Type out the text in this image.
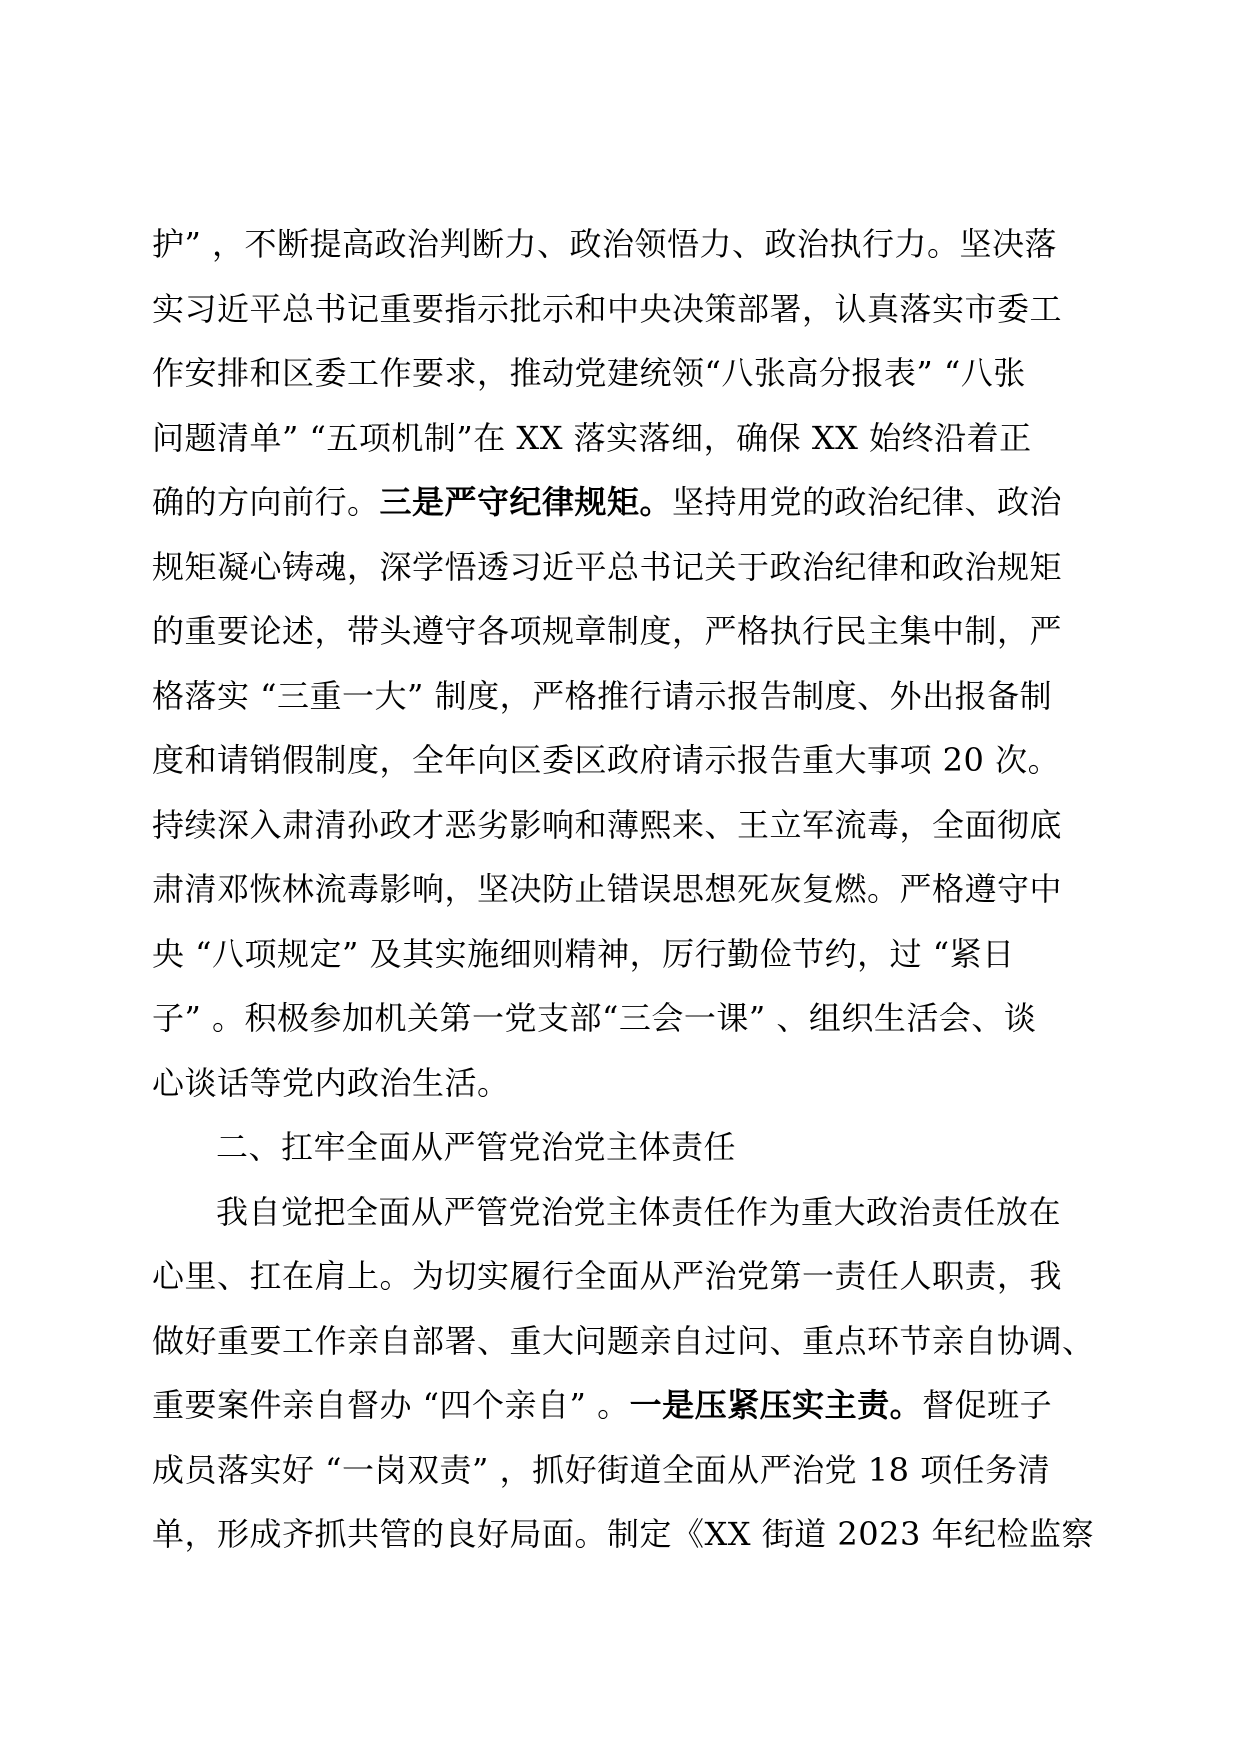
护” ，不断提高政治判断力、政治领悟力、政治执行力。坚决落
实习近平总书记重要指示批示和中央决策部署，认真落实市委工
作安排和区委工作要求，推动党建统领“八张高分报表” “八张
问题清单” “五项机制”在 XX 落实落细，确保 XX 始终沿着正
确的方向前行。三是严守纪律规矩。坚持用党的政治纪律、政治
规矩凝心铸魂，深学悟透习近平总书记关于政治纪律和政治规矩
的重要论述，带头遵守各项规章制度，严格执行民主集中制，严
格落实 “三重一大” 制度，严格推行请示报告制度、外出报备制
度和请销假制度，全年向区委区政府请示报告重大事项 20 次。
持续深入肃清孙政才恶劣影响和薄熙来、王立军流毒，全面彻底
肃清邓恢林流毒影响，坚决防止错误思想死灰复燃。严格遵守中
央 “八项规定” 及其实施细则精神，厉行勤俭节约，过 “紧日
子” 。积极参加机关第一党支部“三会一课” 、组织生活会、谈
心谈话等党内政治生活。
二、扛牢全面从严管党治党主体责任
我自觉把全面从严管党治党主体责任作为重大政治责任放在
心里、扛在肩上。为切实履行全面从严治党第一责任人职责，我
做好重要工作亲自部署、重大问题亲自过问、重点环节亲自协调、
重要案件亲自督办 “四个亲自” 。一是压紧压实主责。督促班子
成员落实好 “一岗双责” ，抓好街道全面从严治党 18 项任务清
单，形成齐抓共管的良好局面。制定《XX 街道 2023 年纪检监察
